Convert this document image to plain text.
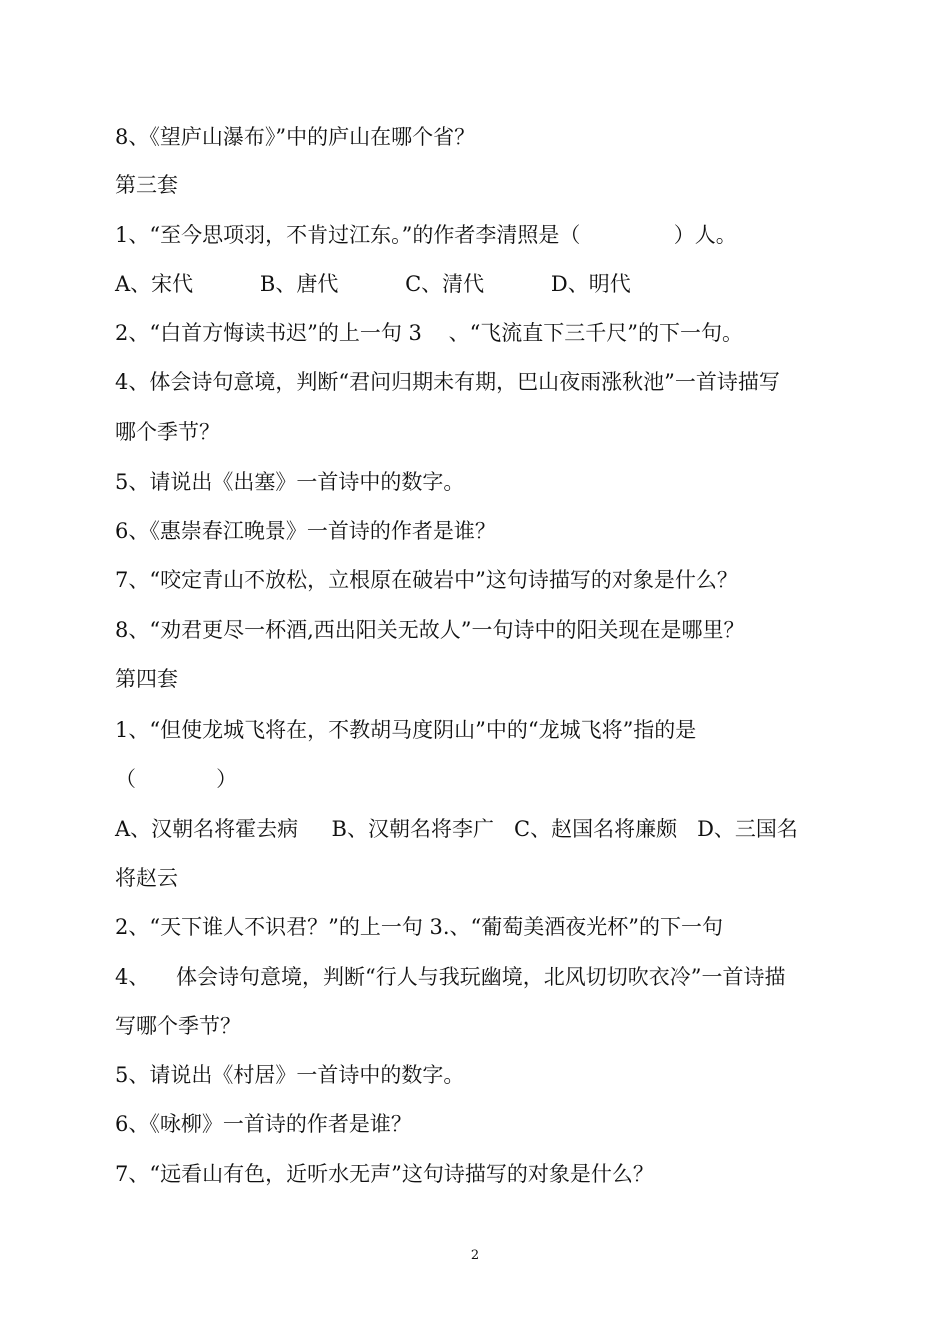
8、《望庐山瀑布》”中的庐山在哪个省？
第三套
1、“至今思项羽，不肯过江东。”的作者李清照是（              ）人。
A、宋代          B、唐代          C、清代          D、明代
2、“白首方悔读书迟”的上一句 3    、“飞流直下三千尺”的下一句。
4、体会诗句意境，判断“君问归期未有期，巴山夜雨涨秋池”一首诗描写
哪个季节？
5、请说出《出塞》一首诗中的数字。
6、《惠崇春江晚景》一首诗的作者是谁？
7、“咬定青山不放松，立根原在破岩中”这句诗描写的对象是什么？
8、“劝君更尽一杯酒,西出阳关无故人”一句诗中的阳关现在是哪里？
第四套
1、“但使龙城飞将在，不教胡马度阴山”中的“龙城飞将”指的是
（            ）
A、汉朝名将霍去病     B、汉朝名将李广   C、赵国名将廉颇   D、三国名
将赵云
2、“天下谁人不识君？”的上一句 3.、“葡萄美酒夜光杯”的下一句
4、    体会诗句意境，判断“行人与我玩幽境，北风切切吹衣冷”一首诗描
写哪个季节？
5、请说出《村居》一首诗中的数字。
6、《咏柳》一首诗的作者是谁？
7、“远看山有色，近听水无声”这句诗描写的对象是什么？
2
